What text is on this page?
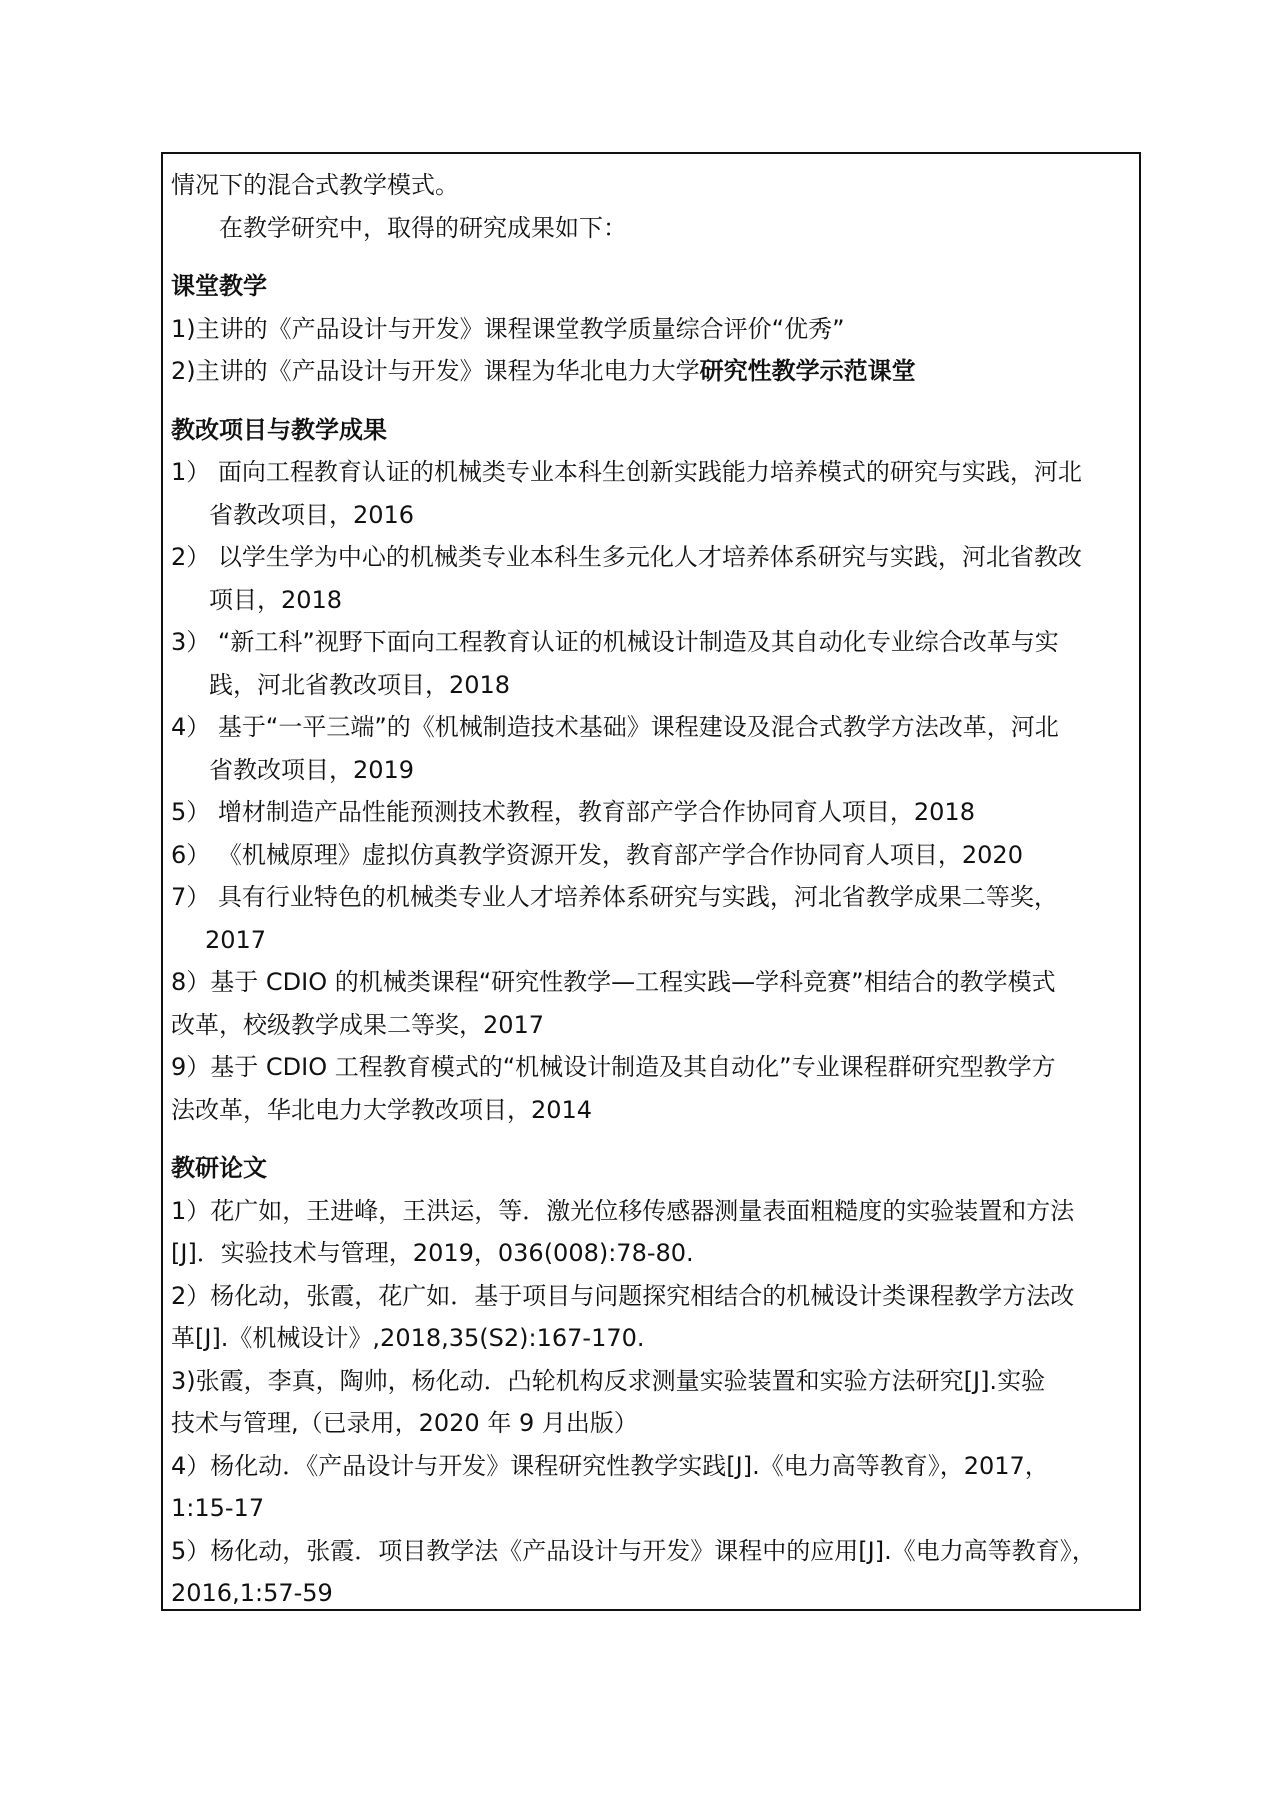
情况下的混合式教学模式。
在教学研究中，取得的研究成果如下：
课堂教学
1)主讲的《产品设计与开发》课程课堂教学质量综合评价“优秀”
2)主讲的《产品设计与开发》课程为华北电力大学研究性教学示范课堂
教改项目与教学成果
1） 面向工程教育认证的机械类专业本科生创新实践能力培养模式的研究与实践，河北
省教改项目，2016
2） 以学生学为中心的机械类专业本科生多元化人才培养体系研究与实践，河北省教改
项目，2018
3） “新工科”视野下面向工程教育认证的机械设计制造及其自动化专业综合改革与实
践，河北省教改项目，2018
4） 基于“一平三端”的《机械制造技术基础》课程建设及混合式教学方法改革，河北
省教改项目，2019
5） 增材制造产品性能预测技术教程，教育部产学合作协同育人项目，2018
6） 《机械原理》虚拟仿真教学资源开发，教育部产学合作协同育人项目，2020
7） 具有行业特色的机械类专业人才培养体系研究与实践，河北省教学成果二等奖，
2017
8）基于 CDIO 的机械类课程“研究性教学—工程实践—学科竞赛”相结合的教学模式
改革，校级教学成果二等奖，2017
9）基于 CDIO 工程教育模式的“机械设计制造及其自动化”专业课程群研究型教学方
法改革，华北电力大学教改项目，2014
教研论文
1）花广如，王进峰，王洪运，等．激光位移传感器测量表面粗糙度的实验装置和方法
[J]．实验技术与管理，2019，036(008):78-80.
2）杨化动，张霞，花广如．基于项目与问题探究相结合的机械设计类课程教学方法改
革[J].《机械设计》,2018,35(S2):167-170.
3)张霞，李真，陶帅，杨化动．凸轮机构反求测量实验装置和实验方法研究[J].实验
技术与管理,（已录用，2020 年 9 月出版）
4）杨化动．《产品设计与开发》课程研究性教学实践[J].《电力高等教育》，2017，
1:15-17
5）杨化动，张霞．项目教学法《产品设计与开发》课程中的应用[J].《电力高等教育》，
2016,1:57-59
